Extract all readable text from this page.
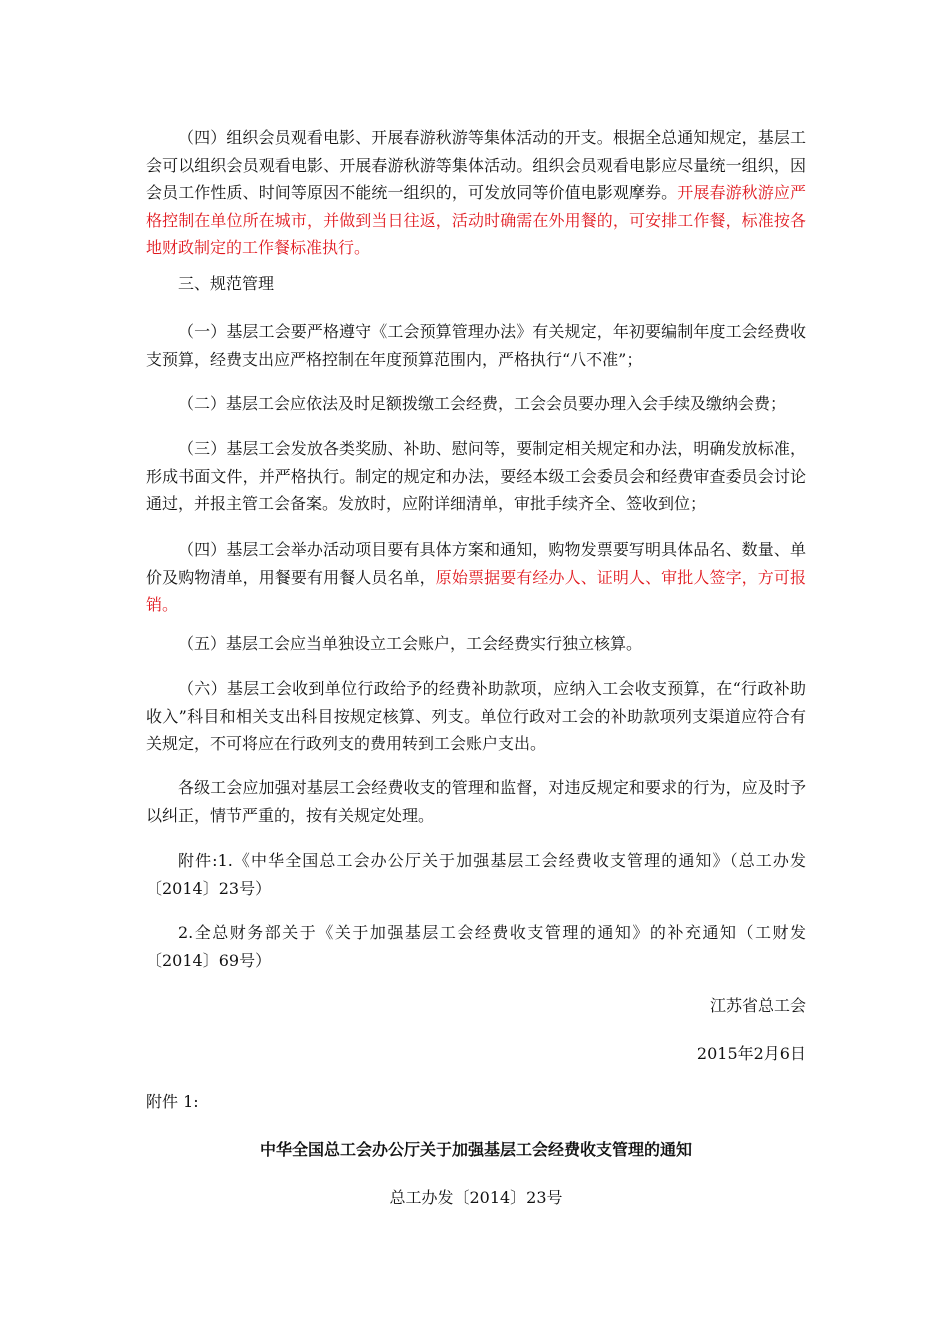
（四）组织会员观看电影、开展春游秋游等集体活动的开支。根据全总通知规定，基层工会可以组织会员观看电影、开展春游秋游等集体活动。组织会员观看电影应尽量统一组织，因会员工作性质、时间等原因不能统一组织的，可发放同等价值电影观摩券。开展春游秋游应严格控制在单位所在城市，并做到当日往返，活动时确需在外用餐的，可安排工作餐，标准按各地财政制定的工作餐标准执行。

三、规范管理

（一）基层工会要严格遵守《工会预算管理办法》有关规定，年初要编制年度工会经费收支预算，经费支出应严格控制在年度预算范围内，严格执行“八不准”；

（二）基层工会应依法及时足额拨缴工会经费，工会会员要办理入会手续及缴纳会费；

（三）基层工会发放各类奖励、补助、慰问等，要制定相关规定和办法，明确发放标准，形成书面文件，并严格执行。制定的规定和办法，要经本级工会委员会和经费审查委员会讨论通过，并报主管工会备案。发放时，应附详细清单，审批手续齐全、签收到位；

（四）基层工会举办活动项目要有具体方案和通知，购物发票要写明具体品名、数量、单价及购物清单，用餐要有用餐人员名单，原始票据要有经办人、证明人、审批人签字，方可报销。

（五）基层工会应当单独设立工会账户，工会经费实行独立核算。

（六）基层工会收到单位行政给予的经费补助款项，应纳入工会收支预算，在“行政补助收入”科目和相关支出科目按规定核算、列支。单位行政对工会的补助款项列支渠道应符合有关规定，不可将应在行政列支的费用转到工会账户支出。

各级工会应加强对基层工会经费收支的管理和监督，对违反规定和要求的行为，应及时予以纠正，情节严重的，按有关规定处理。

附件:1.《中华全国总工会办公厅关于加强基层工会经费收支管理的通知》（总工办发〔2014〕23号）

2.全总财务部关于《关于加强基层工会经费收支管理的通知》的补充通知（工财发〔2014〕69号）

江苏省总工会

2015年2月6日

附件 1:

中华全国总工会办公厅关于加强基层工会经费收支管理的通知

总工办发〔2014〕23号
